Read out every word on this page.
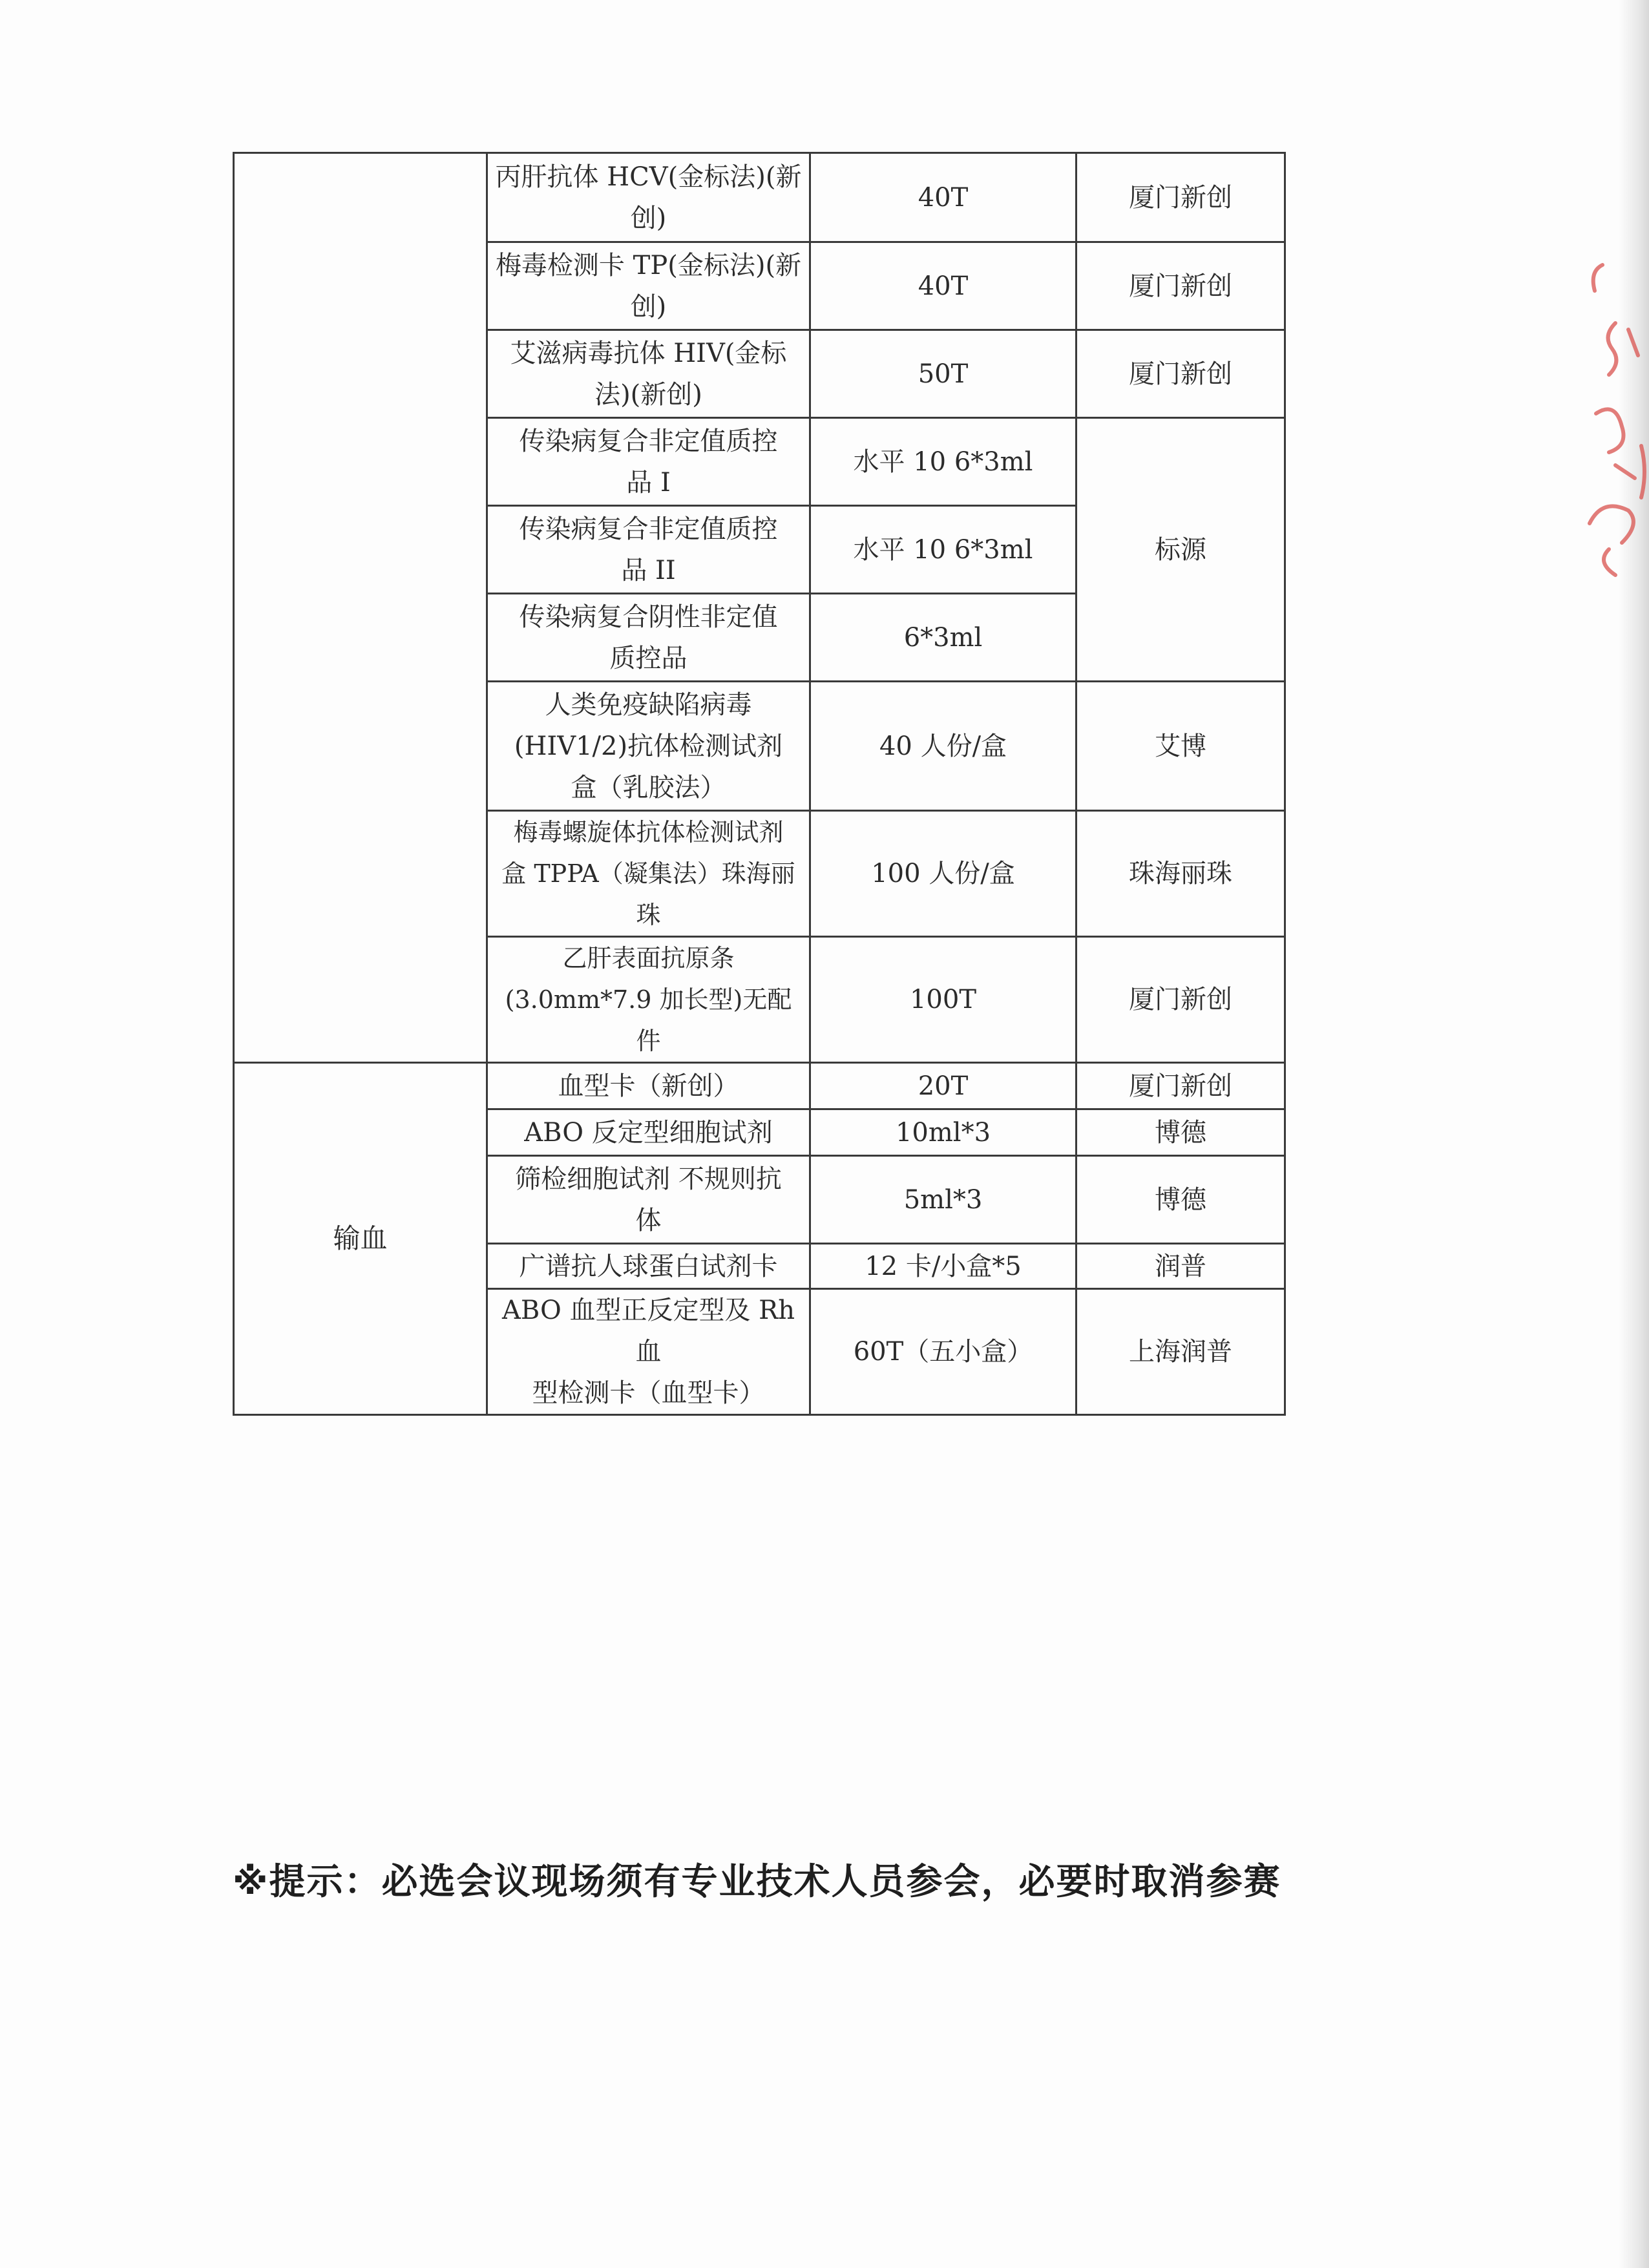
	丙肝抗体 HCV(金标法)(新
创)	40T	厦门新创

	梅毒检测卡 TP(金标法)(新
创)	40T	厦门新创

	艾滋病毒抗体 HIV(金标
法)(新创)	50T	厦门新创

	传染病复合非定值质控
品 I	水平 10 6*3ml	标源

	传染病复合非定值质控
品 II	水平 10 6*3ml	

	传染病复合阴性非定值
质控品	6*3ml	

	人类免疫缺陷病毒
(HIV1/2)抗体检测试剂
盒（乳胶法）	40 人份/盒	艾博

	梅毒螺旋体抗体检测试剂
盒 TPPA（凝集法）珠海丽珠	100 人份/盒	珠海丽珠

	乙肝表面抗原条
(3.0mm*7.9 加长型)无配件	100T	厦门新创
输血	血型卡（新创）	20T	厦门新创

	ABO 反定型细胞试剂	10ml*3	博德

	筛检细胞试剂 不规则抗
体	5ml*3	博德

	广谱抗人球蛋白试剂卡	12 卡/小盒*5	润普

	ABO 血型正反定型及 Rh 血
型检测卡（血型卡）	60T（五小盒）	上海润普
※提示：必选会议现场须有专业技术人员参会，必要时取消参赛
